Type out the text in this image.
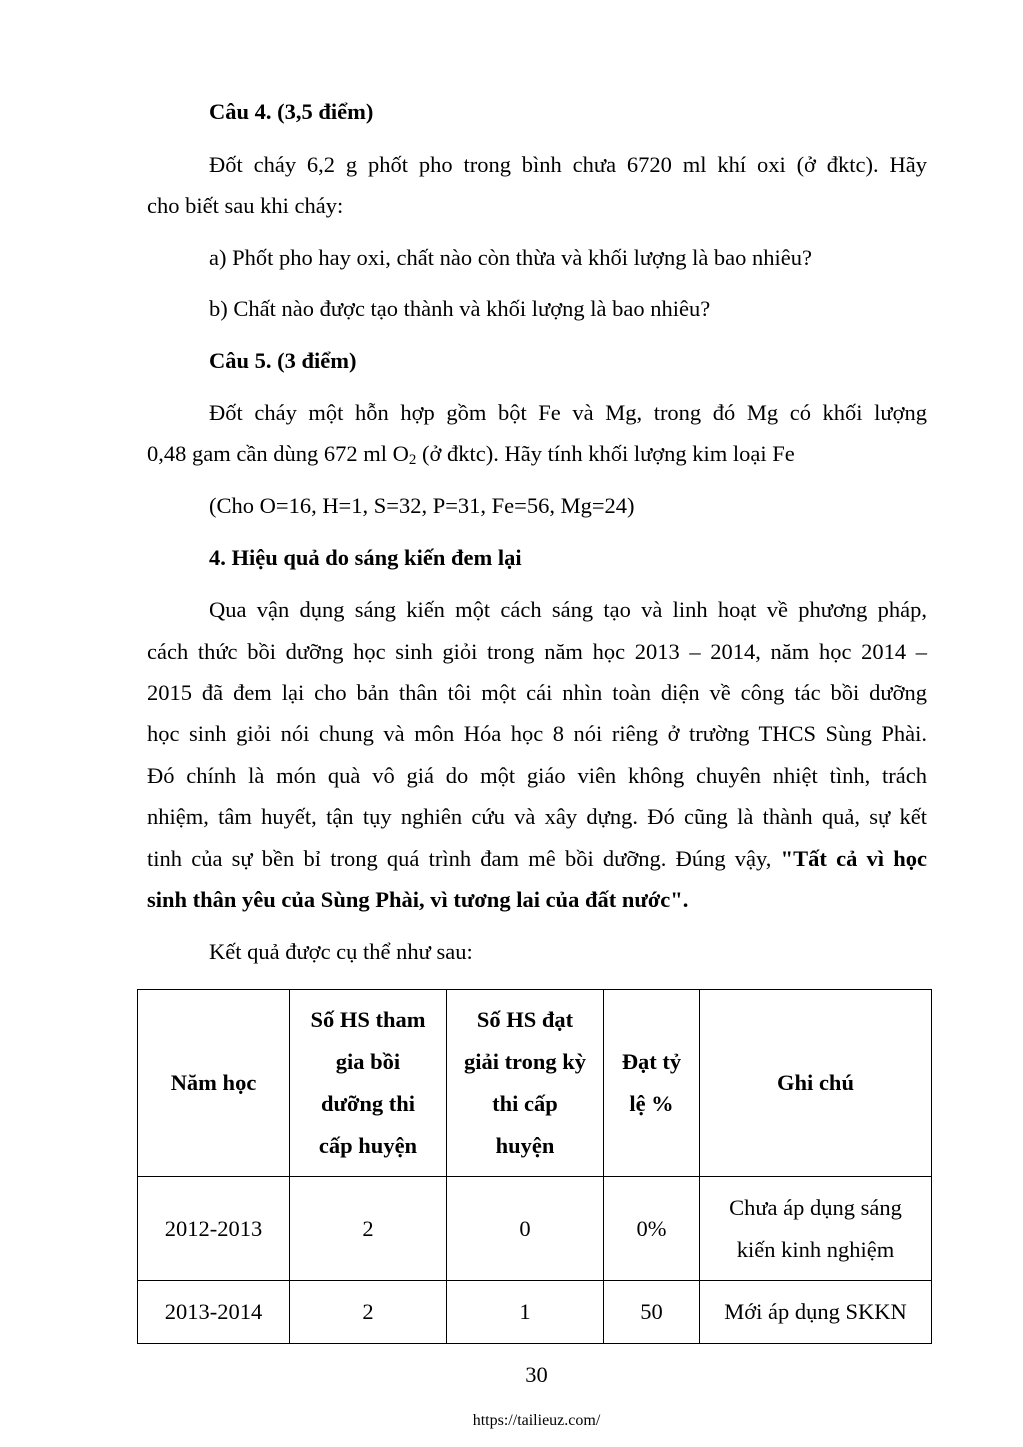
Câu 4. (3,5 điểm)
Đốt cháy 6,2 g phốt pho trong bình chưa 6720 ml khí oxi (ở đktc). Hãy
cho biết sau khi cháy:
a) Phốt pho hay oxi, chất nào còn thừa và khối lượng là bao nhiêu?
b) Chất nào được tạo thành và khối lượng là bao nhiêu?
Câu 5. (3 điểm)
Đốt cháy một hỗn hợp gồm bột Fe và Mg, trong đó Mg có khối lượng
0,48 gam cần dùng 672 ml $O_2$ (ở đktc). Hãy tính khối lượng kim loại Fe
(Cho O=16, H=1, S=32, P=31, Fe=56, Mg=24)
4. Hiệu quả do sáng kiến đem lại
Qua vận dụng sáng kiến một cách sáng tạo và linh hoạt về phương pháp,
cách thức bồi dưỡng học sinh giỏi trong năm học 2013 – 2014, năm học 2014 –
2015 đã đem lại cho bản thân tôi một cái nhìn toàn diện về công tác bồi dưỡng
học sinh giỏi nói chung và môn Hóa học 8 nói riêng ở trường THCS Sùng Phài.
Đó chính là món quà vô giá do một giáo viên không chuyên nhiệt tình, trách
nhiệm, tâm huyết, tận tụy nghiên cứu và xây dựng. Đó cũng là thành quả, sự kết
tinh của sự bền bỉ trong quá trình đam mê bồi dưỡng. Đúng vậy, "Tất cả vì học
sinh thân yêu của Sùng Phài, vì tương lai của đất nước".
Kết quả được cụ thể như sau:
Năm học	Số HS tham
gia bồi
dưỡng thi
cấp huyện	Số HS đạt
giải trong kỳ
thi cấp
huyện	Đạt tỷ
lệ %	Ghi chú
2012-2013	2	0	0%	Chưa áp dụng sáng
kiến kinh nghiệm
2013-2014	2	1	50	Mới áp dụng SKKN
30
https://tailieuz.com/
